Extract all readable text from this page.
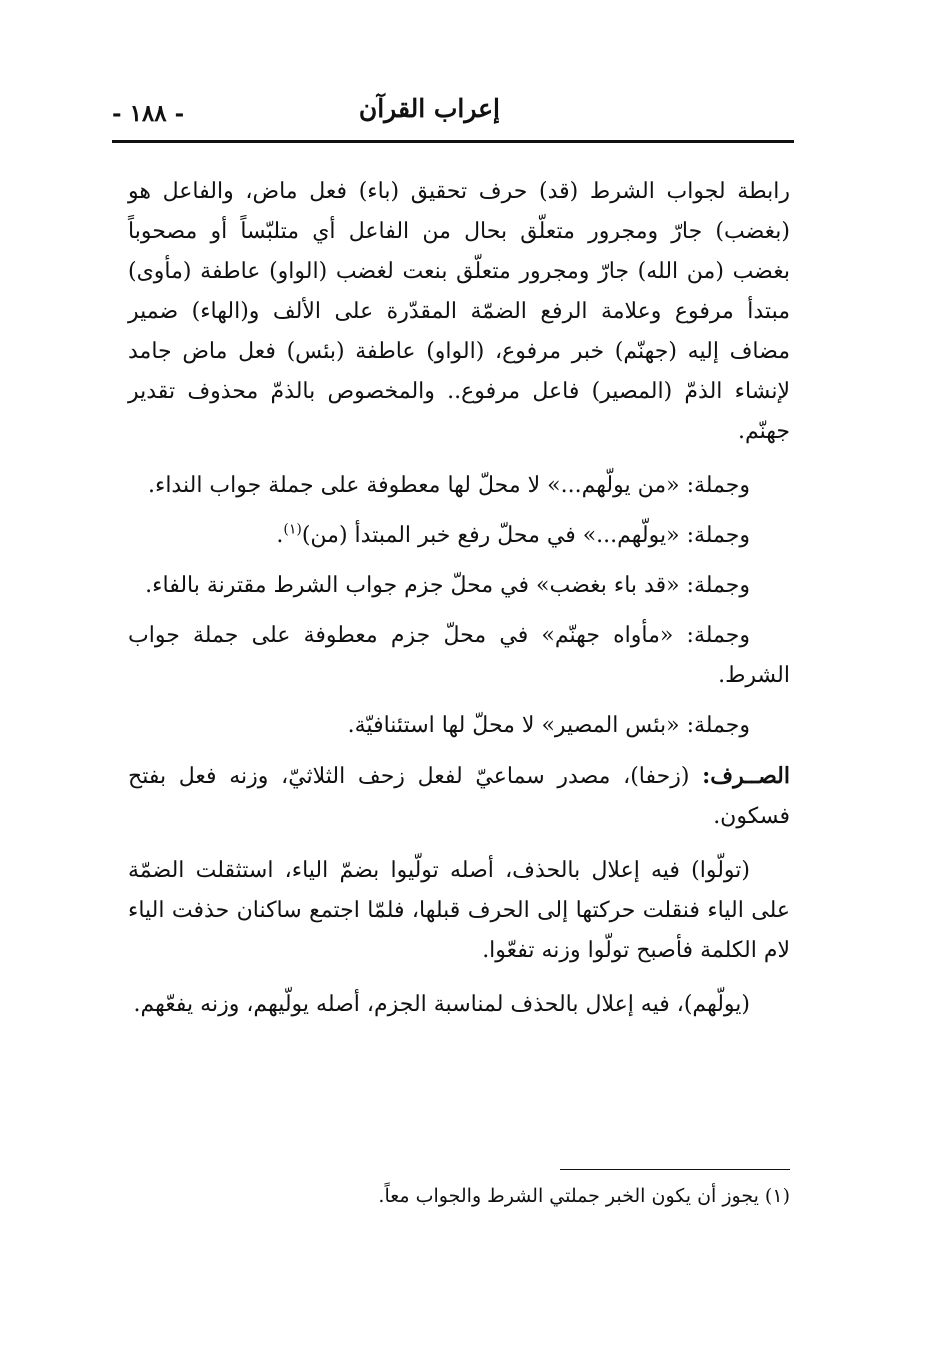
إعراب القرآن
- ١٨٨ -

رابطة لجواب الشرط (قد) حرف تحقيق (باء) فعل ماض، والفاعل هو (بغضب) جارّ ومجرور متعلّق بحال من الفاعل أي متلبّساً أو مصحوباً بغضب (من الله) جارّ ومجرور متعلّق بنعت لغضب (الواو) عاطفة (مأوى) مبتدأ مرفوع وعلامة الرفع الضمّة المقدّرة على الألف و(الهاء) ضمير مضاف إليه (جهنّم) خبر مرفوع، (الواو) عاطفة (بئس) فعل ماض جامد لإنشاء الذمّ (المصير) فاعل مرفوع.. والمخصوص بالذمّ محذوف تقدير جهنّم.

وجملة: «من يولّهم...» لا محلّ لها معطوفة على جملة جواب النداء.

وجملة: «يولّهم...» في محلّ رفع خبر المبتدأ (من)$^{(١)}$.

وجملة: «قد باء بغضب» في محلّ جزم جواب الشرط مقترنة بالفاء.

وجملة: «مأواه جهنّم» في محلّ جزم معطوفة على جملة جواب الشرط.

وجملة: «بئس المصير» لا محلّ لها استئنافيّة.

الصــرف: (زحفا)، مصدر سماعيّ لفعل زحف الثلاثيّ، وزنه فعل بفتح فسكون.

(تولّوا) فيه إعلال بالحذف، أصله تولّيوا بضمّ الياء، استثقلت الضمّة على الياء فنقلت حركتها إلى الحرف قبلها، فلمّا اجتمع ساكنان حذفت الياء لام الكلمة فأصبح تولّوا وزنه تفعّوا.

(يولّهم)، فيه إعلال بالحذف لمناسبة الجزم، أصله يولّيهم، وزنه يفعّهم.

(١) يجوز أن يكون الخبر جملتي الشرط والجواب معاً.
